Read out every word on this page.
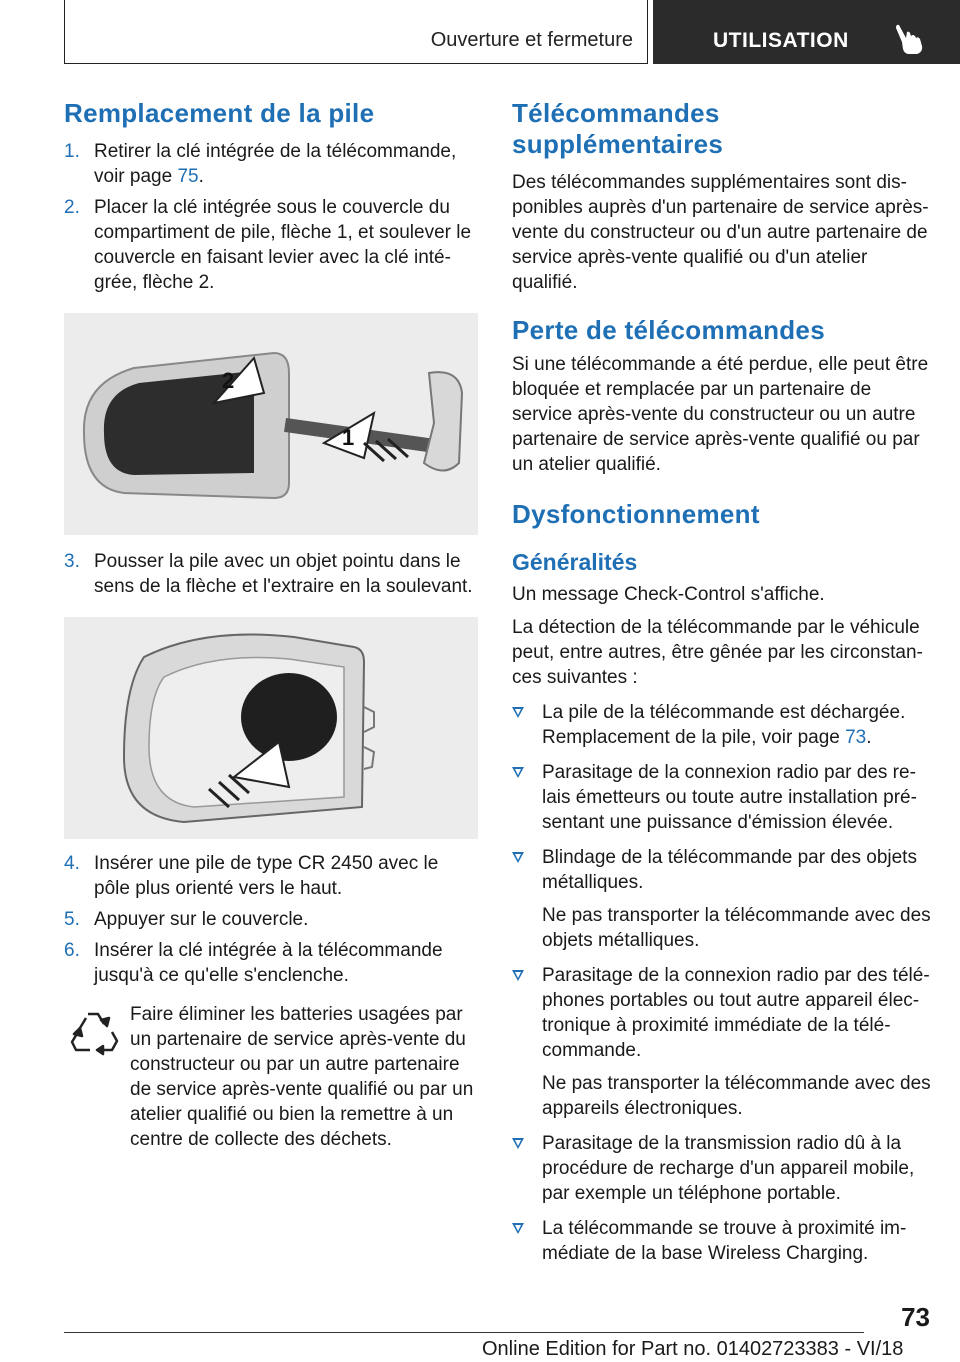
Ouverture et fermeture	UTILISATION
Remplacement de la pile
1. Retirer la clé intégrée de la télécommande, voir page 75.
2. Placer la clé intégrée sous le couvercle du compartiment de pile, flèche 1, et soulever le couvercle en faisant levier avec la clé intégrée, flèche 2.
2
1
3. Pousser la pile avec un objet pointu dans le sens de la flèche et l'extraire en la soulevant.
4. Insérer une pile de type CR 2450 avec le pôle plus orienté vers le haut.
5. Appuyer sur le couvercle.
6. Insérer la clé intégrée à la télécommande jusqu'à ce qu'elle s'enclenche.

Faire éliminer les batteries usagées par un partenaire de service après-vente du constructeur ou par un autre partenaire de service après-vente qualifié ou par un atelier qualifié ou bien la remettre à un centre de collecte des déchets.

Télécommandes supplémentaires

Des télécommandes supplémentaires sont disponibles auprès d'un partenaire de service après-vente du constructeur ou d'un autre partenaire de service après-vente qualifié ou d'un atelier qualifié.

Perte de télécommandes

Si une télécommande a été perdue, elle peut être bloquée et remplacée par un partenaire de service après-vente du constructeur ou un autre partenaire de service après-vente qualifié ou par un atelier qualifié.

Dysfonctionnement
Généralités

Un message Check-Control s'affiche.

La détection de la télécommande par le véhicule peut, entre autres, être gênée par les circonstances suivantes :

La pile de la télécommande est déchargée. Remplacement de la pile, voir page 73.
Parasitage de la connexion radio par des relais émetteurs ou toute autre installation présentant une puissance d'émission élevée.
Blindage de la télécommande par des objets métalliques.

Ne pas transporter la télécommande avec des objets métalliques.

Parasitage de la connexion radio par des téléphones portables ou tout autre appareil électronique à proximité immédiate de la télécommande.

Ne pas transporter la télécommande avec des appareils électroniques.

Parasitage de la transmission radio dû à la procédure de recharge d'un appareil mobile, par exemple un téléphone portable.
La télécommande se trouve à proximité immédiate de la base Wireless Charging.
73
Online Edition for Part no. 01402723383 - VI/18
